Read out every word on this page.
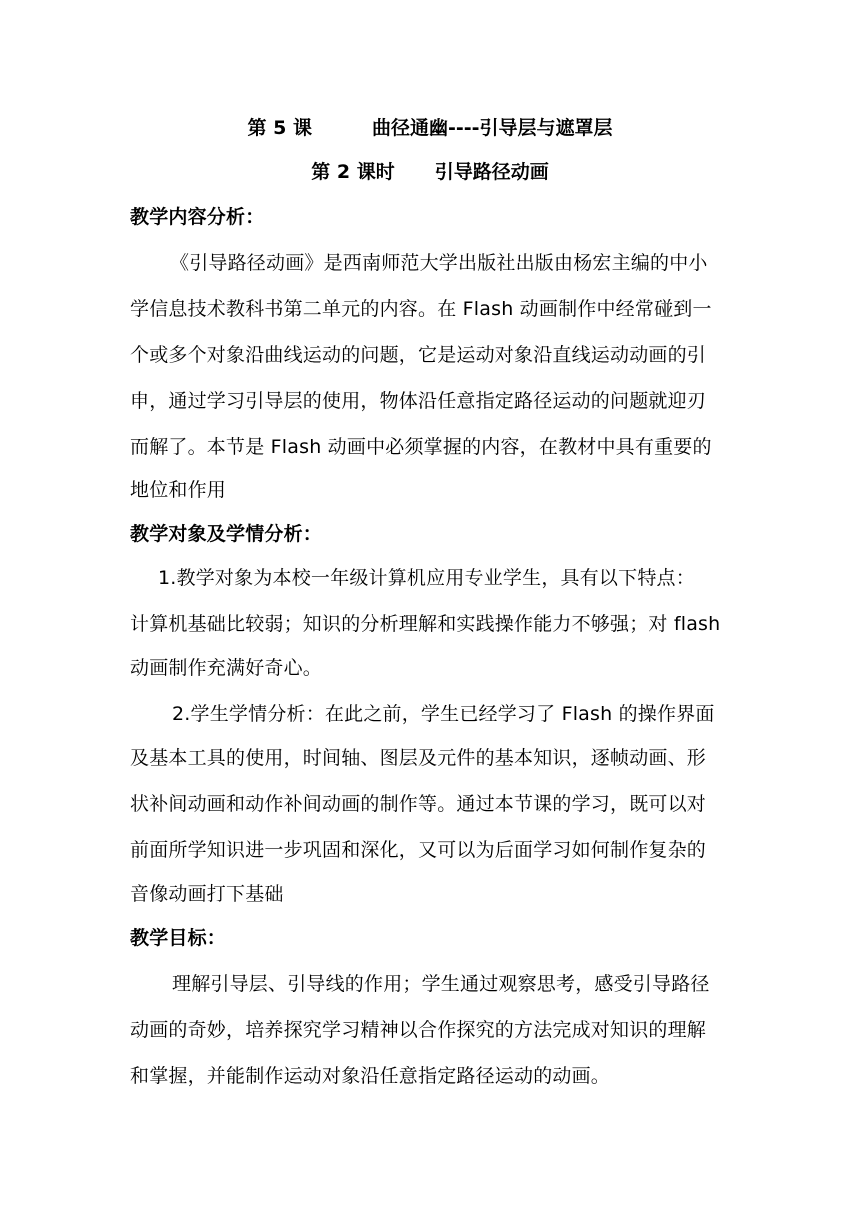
第 5 课	曲径通幽----引导层与遮罩层
第 2 课时 引导路径动画
教学内容分析：
《引导路径动画》是西南师范大学出版社出版由杨宏主编的中小
学信息技术教科书第二单元的内容。在 Flash 动画制作中经常碰到一
个或多个对象沿曲线运动的问题，它是运动对象沿直线运动动画的引
申，通过学习引导层的使用，物体沿任意指定路径运动的问题就迎刃
而解了。本节是 Flash 动画中必须掌握的内容，在教材中具有重要的
地位和作用
教学对象及学情分析：
1.教学对象为本校一年级计算机应用专业学生，具有以下特点：
计算机基础比较弱；知识的分析理解和实践操作能力不够强；对 flash
动画制作充满好奇心。
2.学生学情分析：在此之前，学生已经学习了 Flash 的操作界面
及基本工具的使用，时间轴、图层及元件的基本知识，逐帧动画、形
状补间动画和动作补间动画的制作等。通过本节课的学习，既可以对
前面所学知识进一步巩固和深化，又可以为后面学习如何制作复杂的
音像动画打下基础
教学目标：
理解引导层、引导线的作用；学生通过观察思考，感受引导路径
动画的奇妙，培养探究学习精神以合作探究的方法完成对知识的理解
和掌握，并能制作运动对象沿任意指定路径运动的动画。
